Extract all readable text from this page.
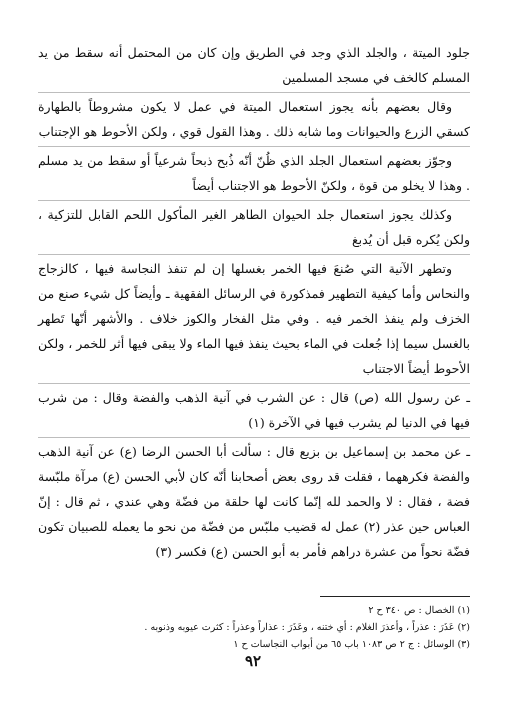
جلود الميتة ، والجلد الذي وجد في الطريق وإن كان من المحتمل أنه سقط من يد المسلم كالخف في مسجد المسلمين

وقال بعضهم بأنه يجوز استعمال الميتة في عمل لا يكون مشروطاً بالطهارة كسقي الزرع والحيوانات وما شابه ذلك . وهذا القول قوي ، ولكن الأحوط هو الإجتناب

وجوّز بعضهم استعمال الجلد الذي ظُنّ أنّه ذُبح ذبحاً شرعياً أو سقط من يد مسلم . وهذا لا يخلو من قوة ، ولكنّ الأحوط هو الاجتناب أيضاً

وكذلك يجوز استعمال جلد الحيوان الطاهر الغير المأكول اللحم القابل للتزكية ، ولكن يُكره قبل أن يُدبغ

وتطهر الآنية التي صُنعَ فيها الخمر بغسلها إن لم تنفذ النجاسة فيها ، كالزجاج والنحاس وأما كيفية التطهير فمذكورة في الرسائل الفقهية ـ وأيضاً كل شيء صنع من الخزف ولم ينفذ الخمر فيه . وفي مثل الفخار والكوز خلاف . والأشهر أنّها تَطهر بالغسل سيما إذا جُعلت في الماء بحيث ينفذ فيها الماء ولا يبقى فيها أثر للخمر ، ولكن الأحوط أيضاً الاجتناب

ـ عن رسول الله (ص) قال : عن الشرب في آنية الذهب والفضة وقال : من شرب فيها في الدنيا لم يشرب فيها في الآخرة (١)

ـ عن محمد بن إسماعيل بن بزيع قال : سألت أبا الحسن الرضا (ع) عن آنية الذهب والفضة فكرههما ، فقلت قد روى بعض أصحابنا أنّه كان لأبي الحسن (ع) مرآة ملبّسة فضة ، فقال : لا والحمد لله إنّما كانت لها حلقة من فضّة وهي عندي ، ثم قال : إنّ العباس حين عذر (٢) عمل له قضيب ملبّس من فضّة من نحو ما يعمله للصبيان تكون فضّة نحواً من عشرة دراهم فأمر به أبو الحسن (ع) فكسر (٣)

(١) الخصال : ص ٣٤٠ ح ٢

(٢) عَذَرَ : عذراً ، وأعذرَ الغلام : أي ختنه ، وعَذَرَ : عذاراً وعذراً : كثرت عيوبه وذنوبه .

(٣) الوسائل : ج ٢ ص ١٠٨٣ باب ٦٥ من أبواب النجاسات ح ١

٩٢
